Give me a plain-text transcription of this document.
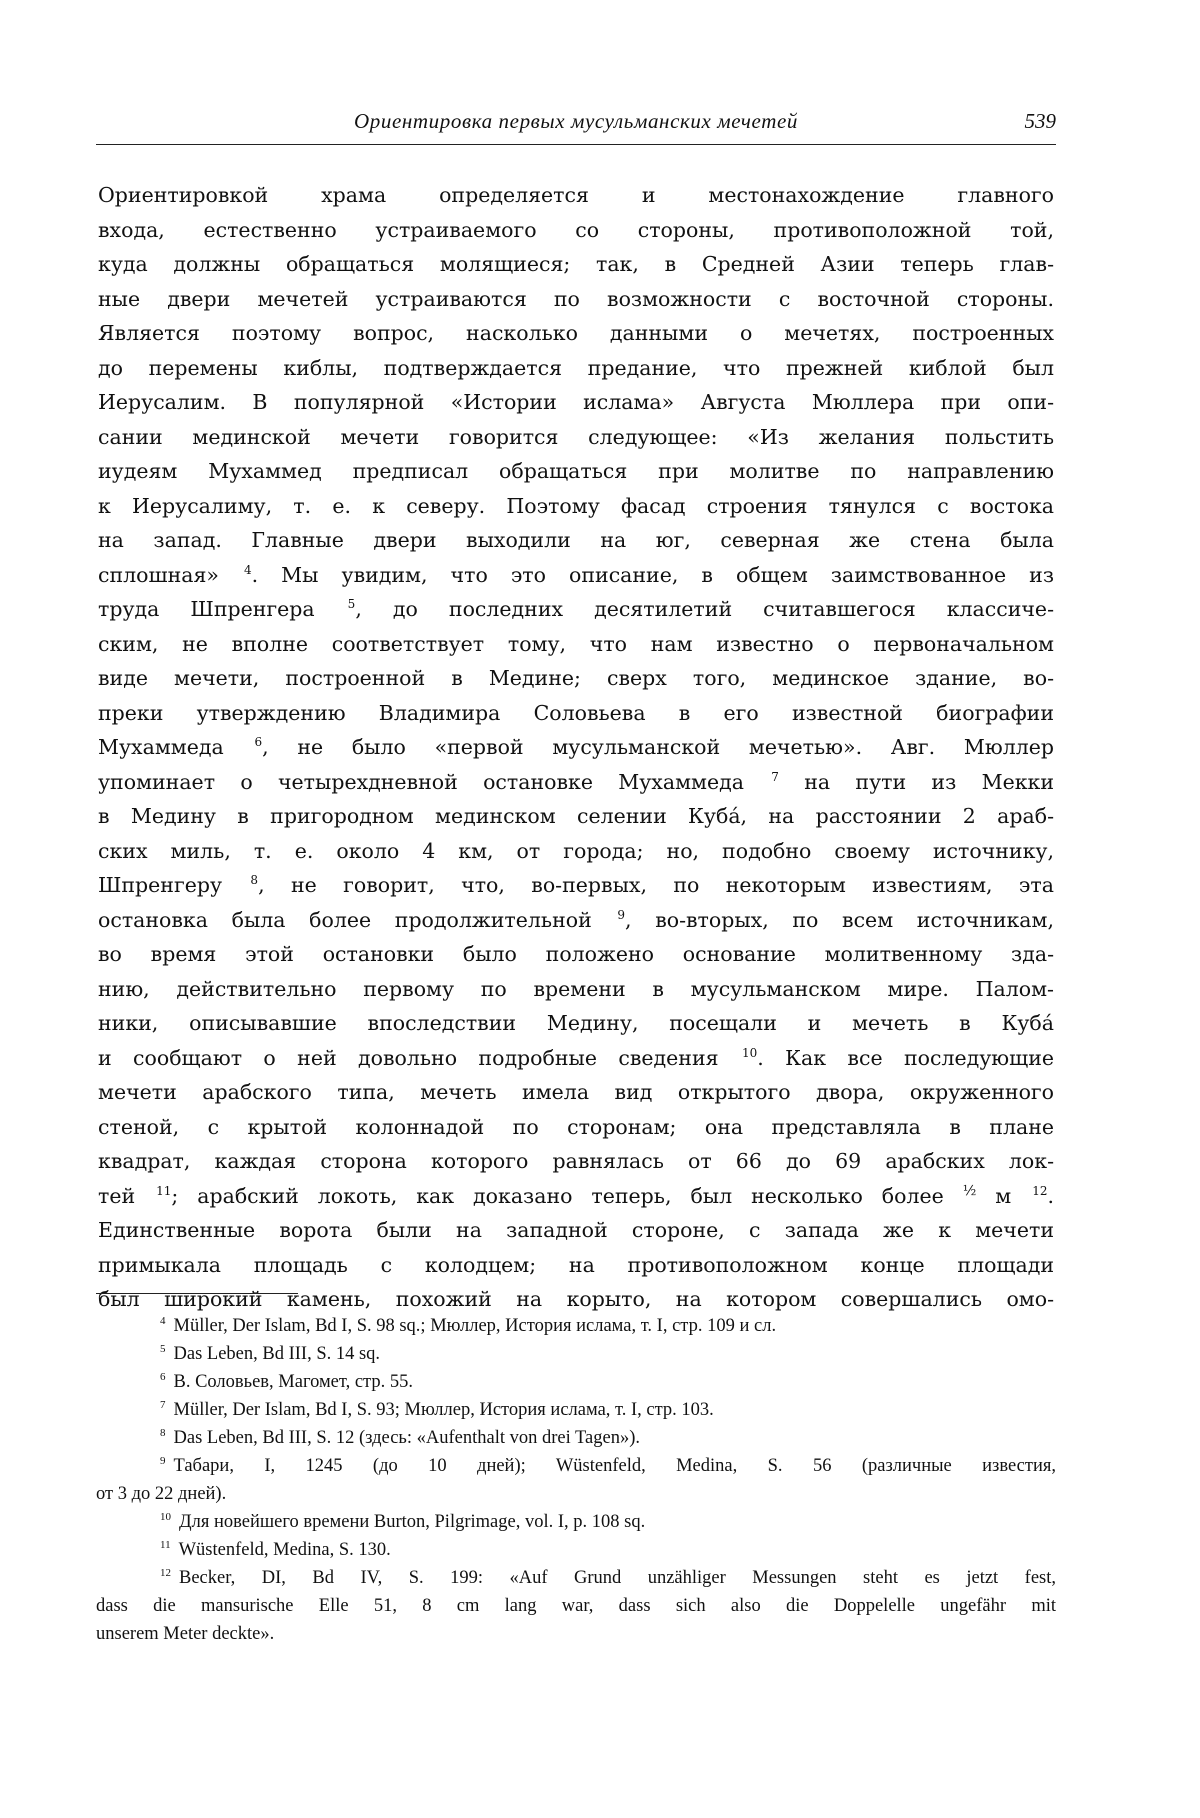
Ориентировка первых мусульманских мечетей	539
Ориентировкой храма определяется и местонахождение главного
входа, естественно устраиваемого со стороны, противоположной той,
куда должны обращаться молящиеся; так, в Средней Азии теперь глав-
ные двери мечетей устраиваются по возможности с восточной стороны.
Является поэтому вопрос, насколько данными о мечетях, построенных
до перемены киблы, подтверждается предание, что прежней киблой был
Иерусалим. В популярной «Истории ислама» Августа Мюллера при опи-
сании мединской мечети говорится следующее: «Из желания польстить
иудеям Мухаммед предписал обращаться при молитве по направлению
к Иерусалиму, т. е. к северу. Поэтому фасад строения тянулся с востока
на запад. Главные двери выходили на юг, северная же стена была
сплошная» $^4$. Мы увидим, что это описание, в общем заимствованное из
труда Шпренгера $^5$, до последних десятилетий считавшегося классиче-
ским, не вполне соответствует тому, что нам известно о первоначальном
виде мечети, построенной в Медине; сверх того, мединское здание, во-
преки утверждению Владимира Соловьева в его известной биографии
Мухаммеда $^6$, не было «первой мусульманской мечетью». Авг. Мюллер
упоминает о четырехдневной остановке Мухаммеда $^7$ на пути из Мекки
в Медину в пригородном мединском селении Куба́, на расстоянии 2 араб-
ских миль, т. е. около 4 км, от города; но, подобно своему источнику,
Шпренгеру $^8$, не говорит, что, во-первых, по некоторым известиям, эта
остановка была более продолжительной $^9$, во-вторых, по всем источникам,
во время этой остановки было положено основание молитвенному зда-
нию, действительно первому по времени в мусульманском мире. Палом-
ники, описывавшие впоследствии Медину, посещали и мечеть в Куба́
и сообщают о ней довольно подробные сведения $^{10}$. Как все последующие
мечети арабского типа, мечеть имела вид открытого двора, окруженного
стеной, с крытой колоннадой по сторонам; она представляла в плане
квадрат, каждая сторона которого равнялась от 66 до 69 арабских лок-
тей $^{11}$; арабский локоть, как доказано теперь, был несколько более $^{\frac{1}{2}}$ м $^{12}$.
Единственные ворота были на западной стороне, с запада же к мечети
примыкала площадь с колодцем; на противоположном конце площади
был широкий камень, похожий на корыто, на котором совершались омо-
$^4$ Müller, Der Islam, Bd I, S. 98 sq.; Мюллер, История ислама, т. I, стр. 109 и сл.
$^5$ Das Leben, Bd III, S. 14 sq.
$^6$ В. Соловьев, Магомет, стр. 55.
$^7$ Müller, Der Islam, Bd I, S. 93; Мюллер, История ислама, т. I, стр. 103.
$^8$ Das Leben, Bd III, S. 12 (здесь: «Aufenthalt von drei Tagen»).
$^9$ Табари, I, 1245 (до 10 дней); Wüstenfeld, Medina, S. 56 (различные известия,
от 3 до 22 дней).
$^{10}$ Для новейшего времени Burton, Pilgrimage, vol. I, p. 108 sq.
$^{11}$ Wüstenfeld, Medina, S. 130.
$^{12}$ Becker, DI, Bd IV, S. 199: «Auf Grund unzähliger Messungen steht es jetzt fest,
dass die mansurische Elle 51, 8 cm lang war, dass sich also die Doppelelle ungefähr mit
unserem Meter deckte».
